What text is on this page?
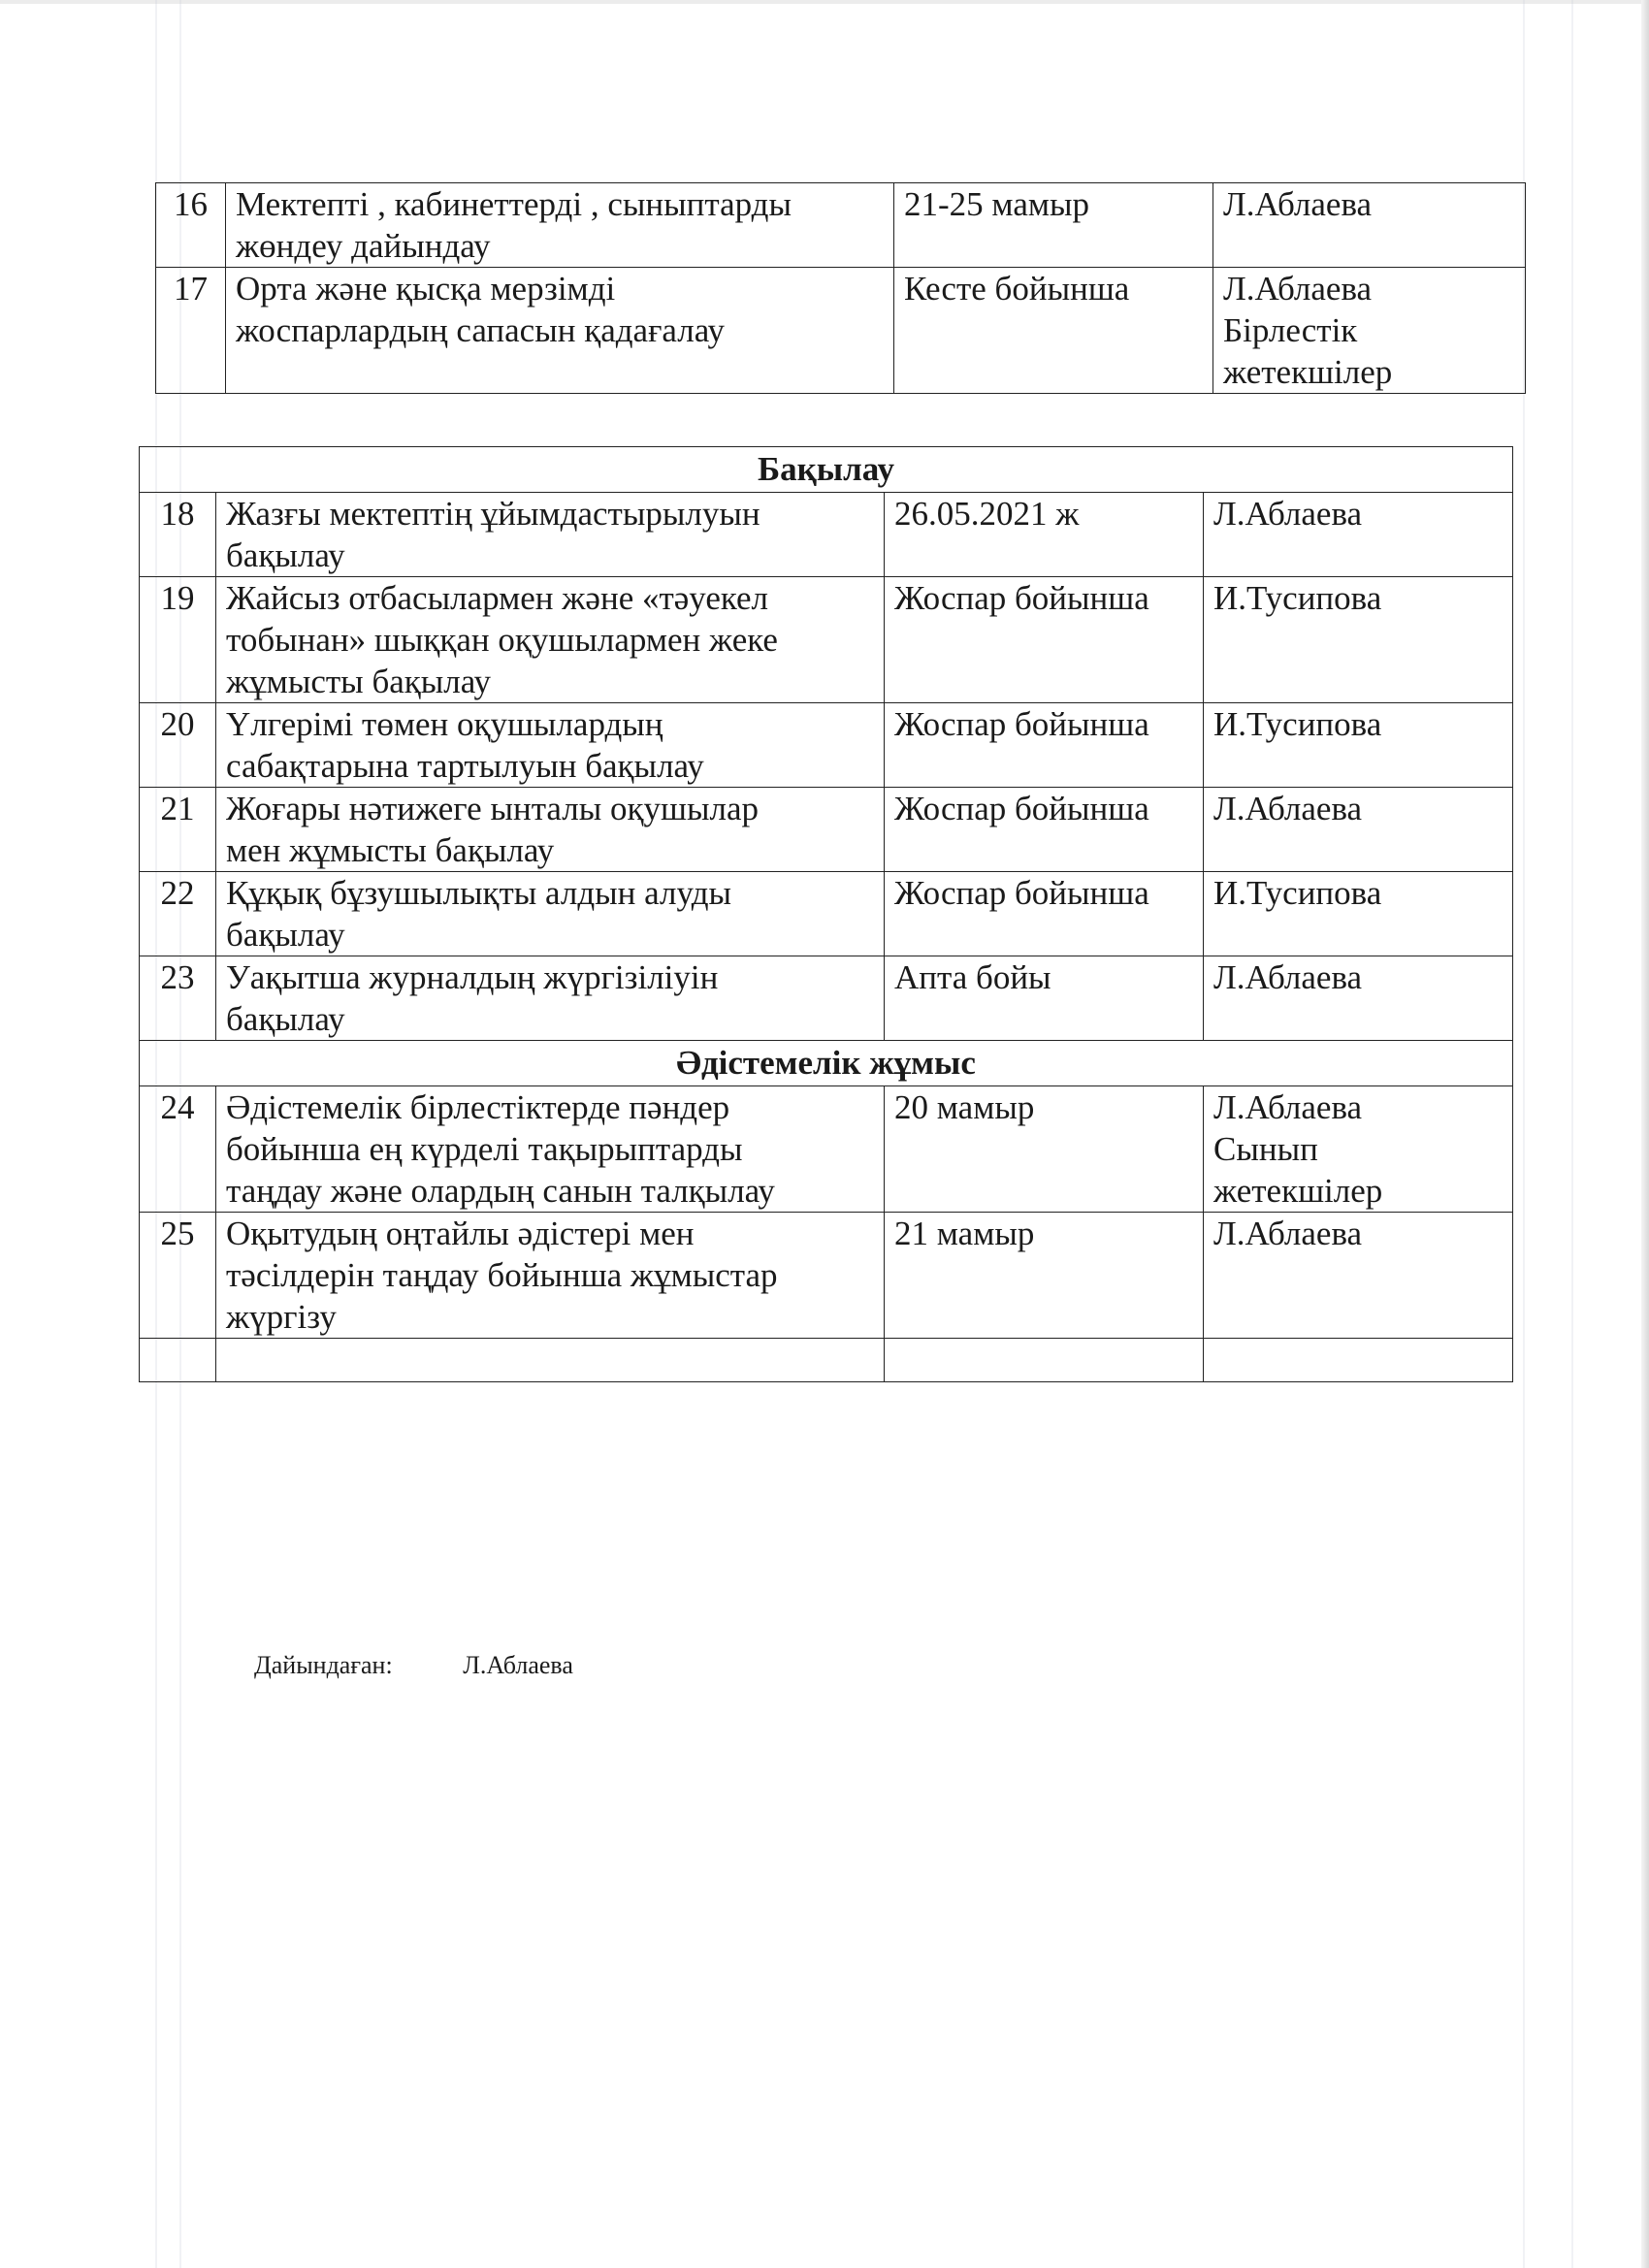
16	Мектепті , кабинеттерді , сыныптарды
жөндеу дайындау	21-25 мамыр	Л.Аблаева

17	Орта және қысқа мерзімді
жоспарлардың сапасын қадағалау	Кесте бойынша	Л.Аблаева
Бірлестік
жетекшілер
Бақылау			
18	Жазғы мектептің ұйымдастырылуын
бақылау	26.05.2021 ж	Л.Аблаева

19	Жайсыз отбасылармен және «тәуекел
тобынан» шыққан оқушылармен жеке
жұмысты бақылау	Жоспар бойынша	И.Тусипова

20	Үлгерімі төмен оқушылардың
сабақтарына тартылуын бақылау	Жоспар бойынша	И.Тусипова

21	Жоғары нәтижеге ынталы оқушылар
мен жұмысты бақылау	Жоспар бойынша	Л.Аблаева

22	Құқық бұзушылықты алдын алуды
бақылау	Жоспар бойынша	И.Тусипова

23	Уақытша журналдың жүргізіліуін
бақылау	Апта бойы	Л.Аблаева

Әдістемелік жұмыс			
24	Әдістемелік бірлестіктерде пәндер
бойынша ең күрделі тақырыптарды
таңдау және олардың санын талқылау	20 мамыр	Л.Аблаева
Сынып
жетекшілер

25	Оқытудың оңтайлы әдістері мен
тәсілдерін таңдау бойынша жұмыстар
жүргізу	21 мамыр	Л.Аблаева

Дайындаған:	Л.Аблаева
